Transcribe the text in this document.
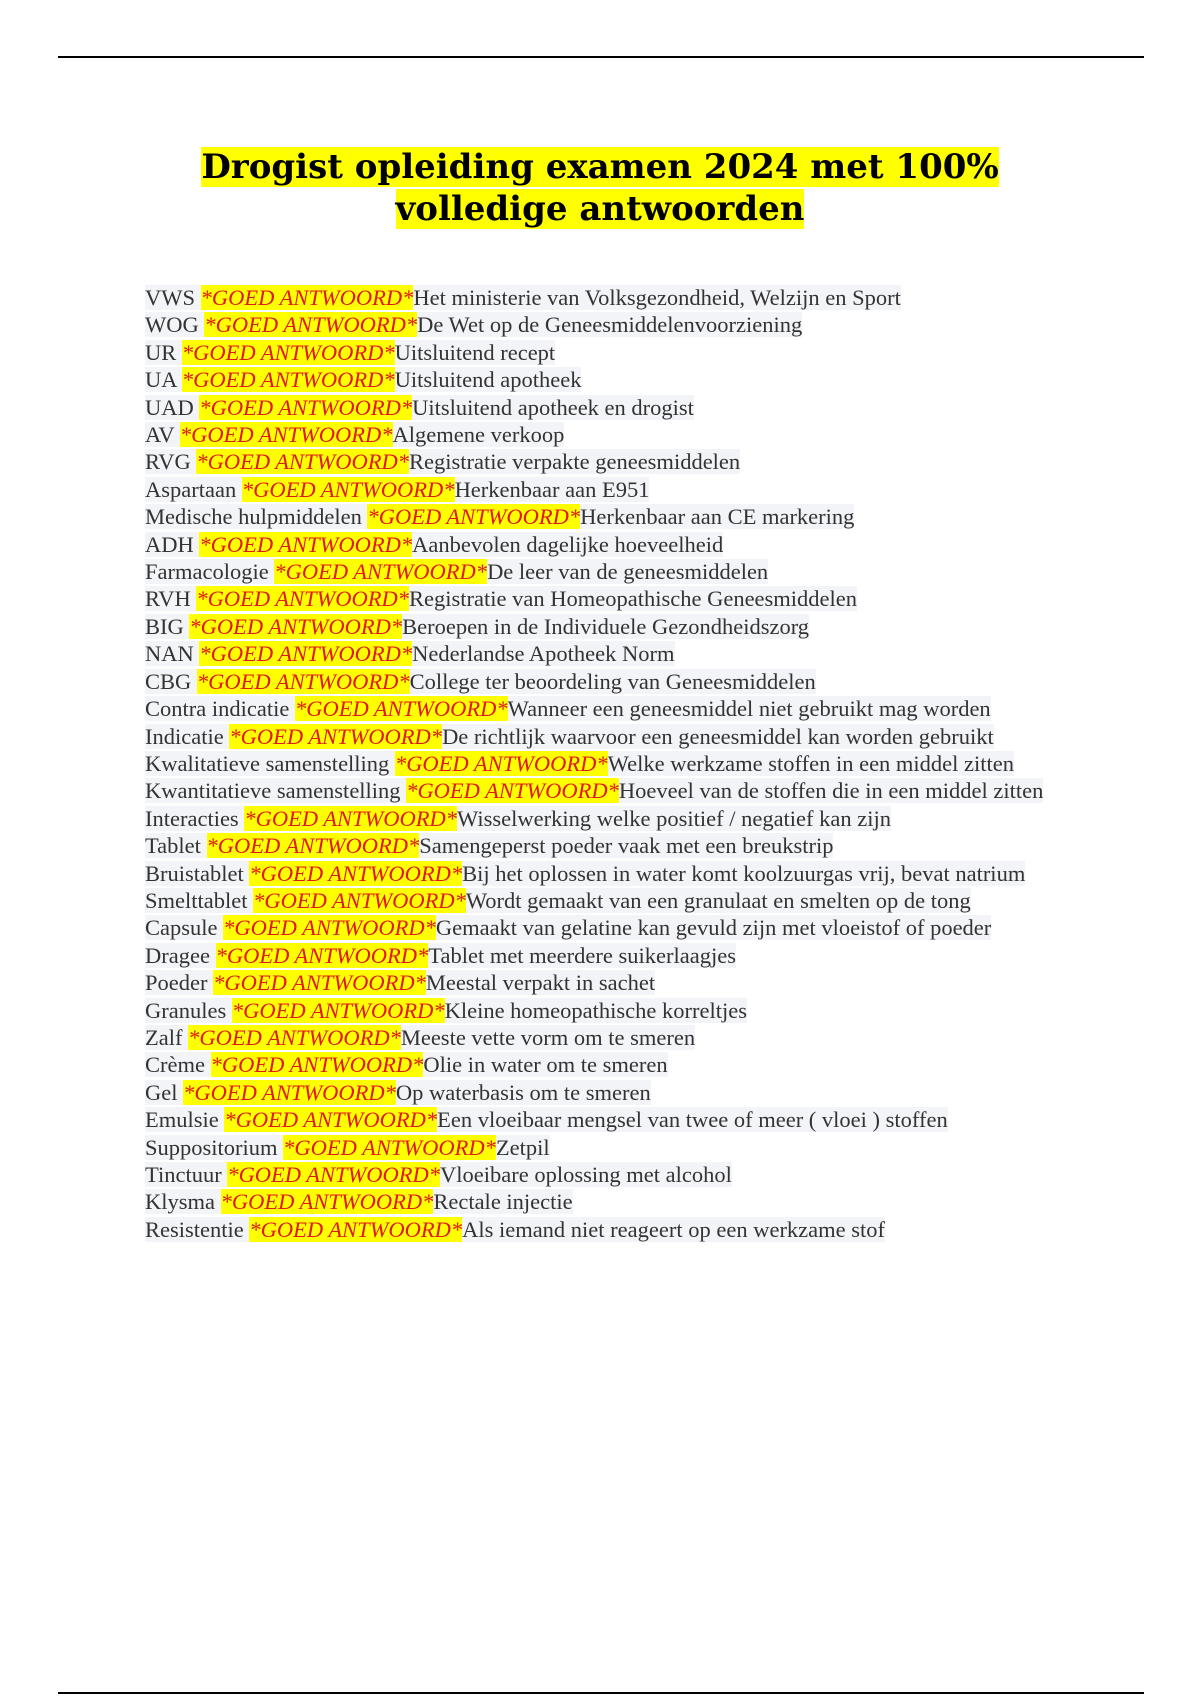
Drogist opleiding examen 2024 met 100%
volledige antwoorden

VWS *GOED ANTWOORD*Het ministerie van Volksgezondheid, Welzijn en Sport

WOG *GOED ANTWOORD*De Wet op de Geneesmiddelenvoorziening

UR *GOED ANTWOORD*Uitsluitend recept

UA *GOED ANTWOORD*Uitsluitend apotheek

UAD *GOED ANTWOORD*Uitsluitend apotheek en drogist

AV *GOED ANTWOORD*Algemene verkoop

RVG *GOED ANTWOORD*Registratie verpakte geneesmiddelen

Aspartaan *GOED ANTWOORD*Herkenbaar aan E951

Medische hulpmiddelen *GOED ANTWOORD*Herkenbaar aan CE markering

ADH *GOED ANTWOORD*Aanbevolen dagelijke hoeveelheid

Farmacologie *GOED ANTWOORD*De leer van de geneesmiddelen

RVH *GOED ANTWOORD*Registratie van Homeopathische Geneesmiddelen

BIG *GOED ANTWOORD*Beroepen in de Individuele Gezondheidszorg

NAN *GOED ANTWOORD*Nederlandse Apotheek Norm

CBG *GOED ANTWOORD*College ter beoordeling van Geneesmiddelen

Contra indicatie *GOED ANTWOORD*Wanneer een geneesmiddel niet gebruikt mag worden

Indicatie *GOED ANTWOORD*De richtlijk waarvoor een geneesmiddel kan worden gebruikt

Kwalitatieve samenstelling *GOED ANTWOORD*Welke werkzame stoffen in een middel zitten

Kwantitatieve samenstelling *GOED ANTWOORD*Hoeveel van de stoffen die in een middel zitten

Interacties *GOED ANTWOORD*Wisselwerking welke positief / negatief kan zijn

Tablet *GOED ANTWOORD*Samengeperst poeder vaak met een breukstrip

Bruistablet *GOED ANTWOORD*Bij het oplossen in water komt koolzuurgas vrij, bevat natrium

Smelttablet *GOED ANTWOORD*Wordt gemaakt van een granulaat en smelten op de tong

Capsule *GOED ANTWOORD*Gemaakt van gelatine kan gevuld zijn met vloeistof of poeder

Dragee *GOED ANTWOORD*Tablet met meerdere suikerlaagjes

Poeder *GOED ANTWOORD*Meestal verpakt in sachet

Granules *GOED ANTWOORD*Kleine homeopathische korreltjes

Zalf *GOED ANTWOORD*Meeste vette vorm om te smeren

Crème *GOED ANTWOORD*Olie in water om te smeren

Gel *GOED ANTWOORD*Op waterbasis om te smeren

Emulsie *GOED ANTWOORD*Een vloeibaar mengsel van twee of meer ( vloei ) stoffen

Suppositorium *GOED ANTWOORD*Zetpil

Tinctuur *GOED ANTWOORD*Vloeibare oplossing met alcohol

Klysma *GOED ANTWOORD*Rectale injectie

Resistentie *GOED ANTWOORD*Als iemand niet reageert op een werkzame stof
